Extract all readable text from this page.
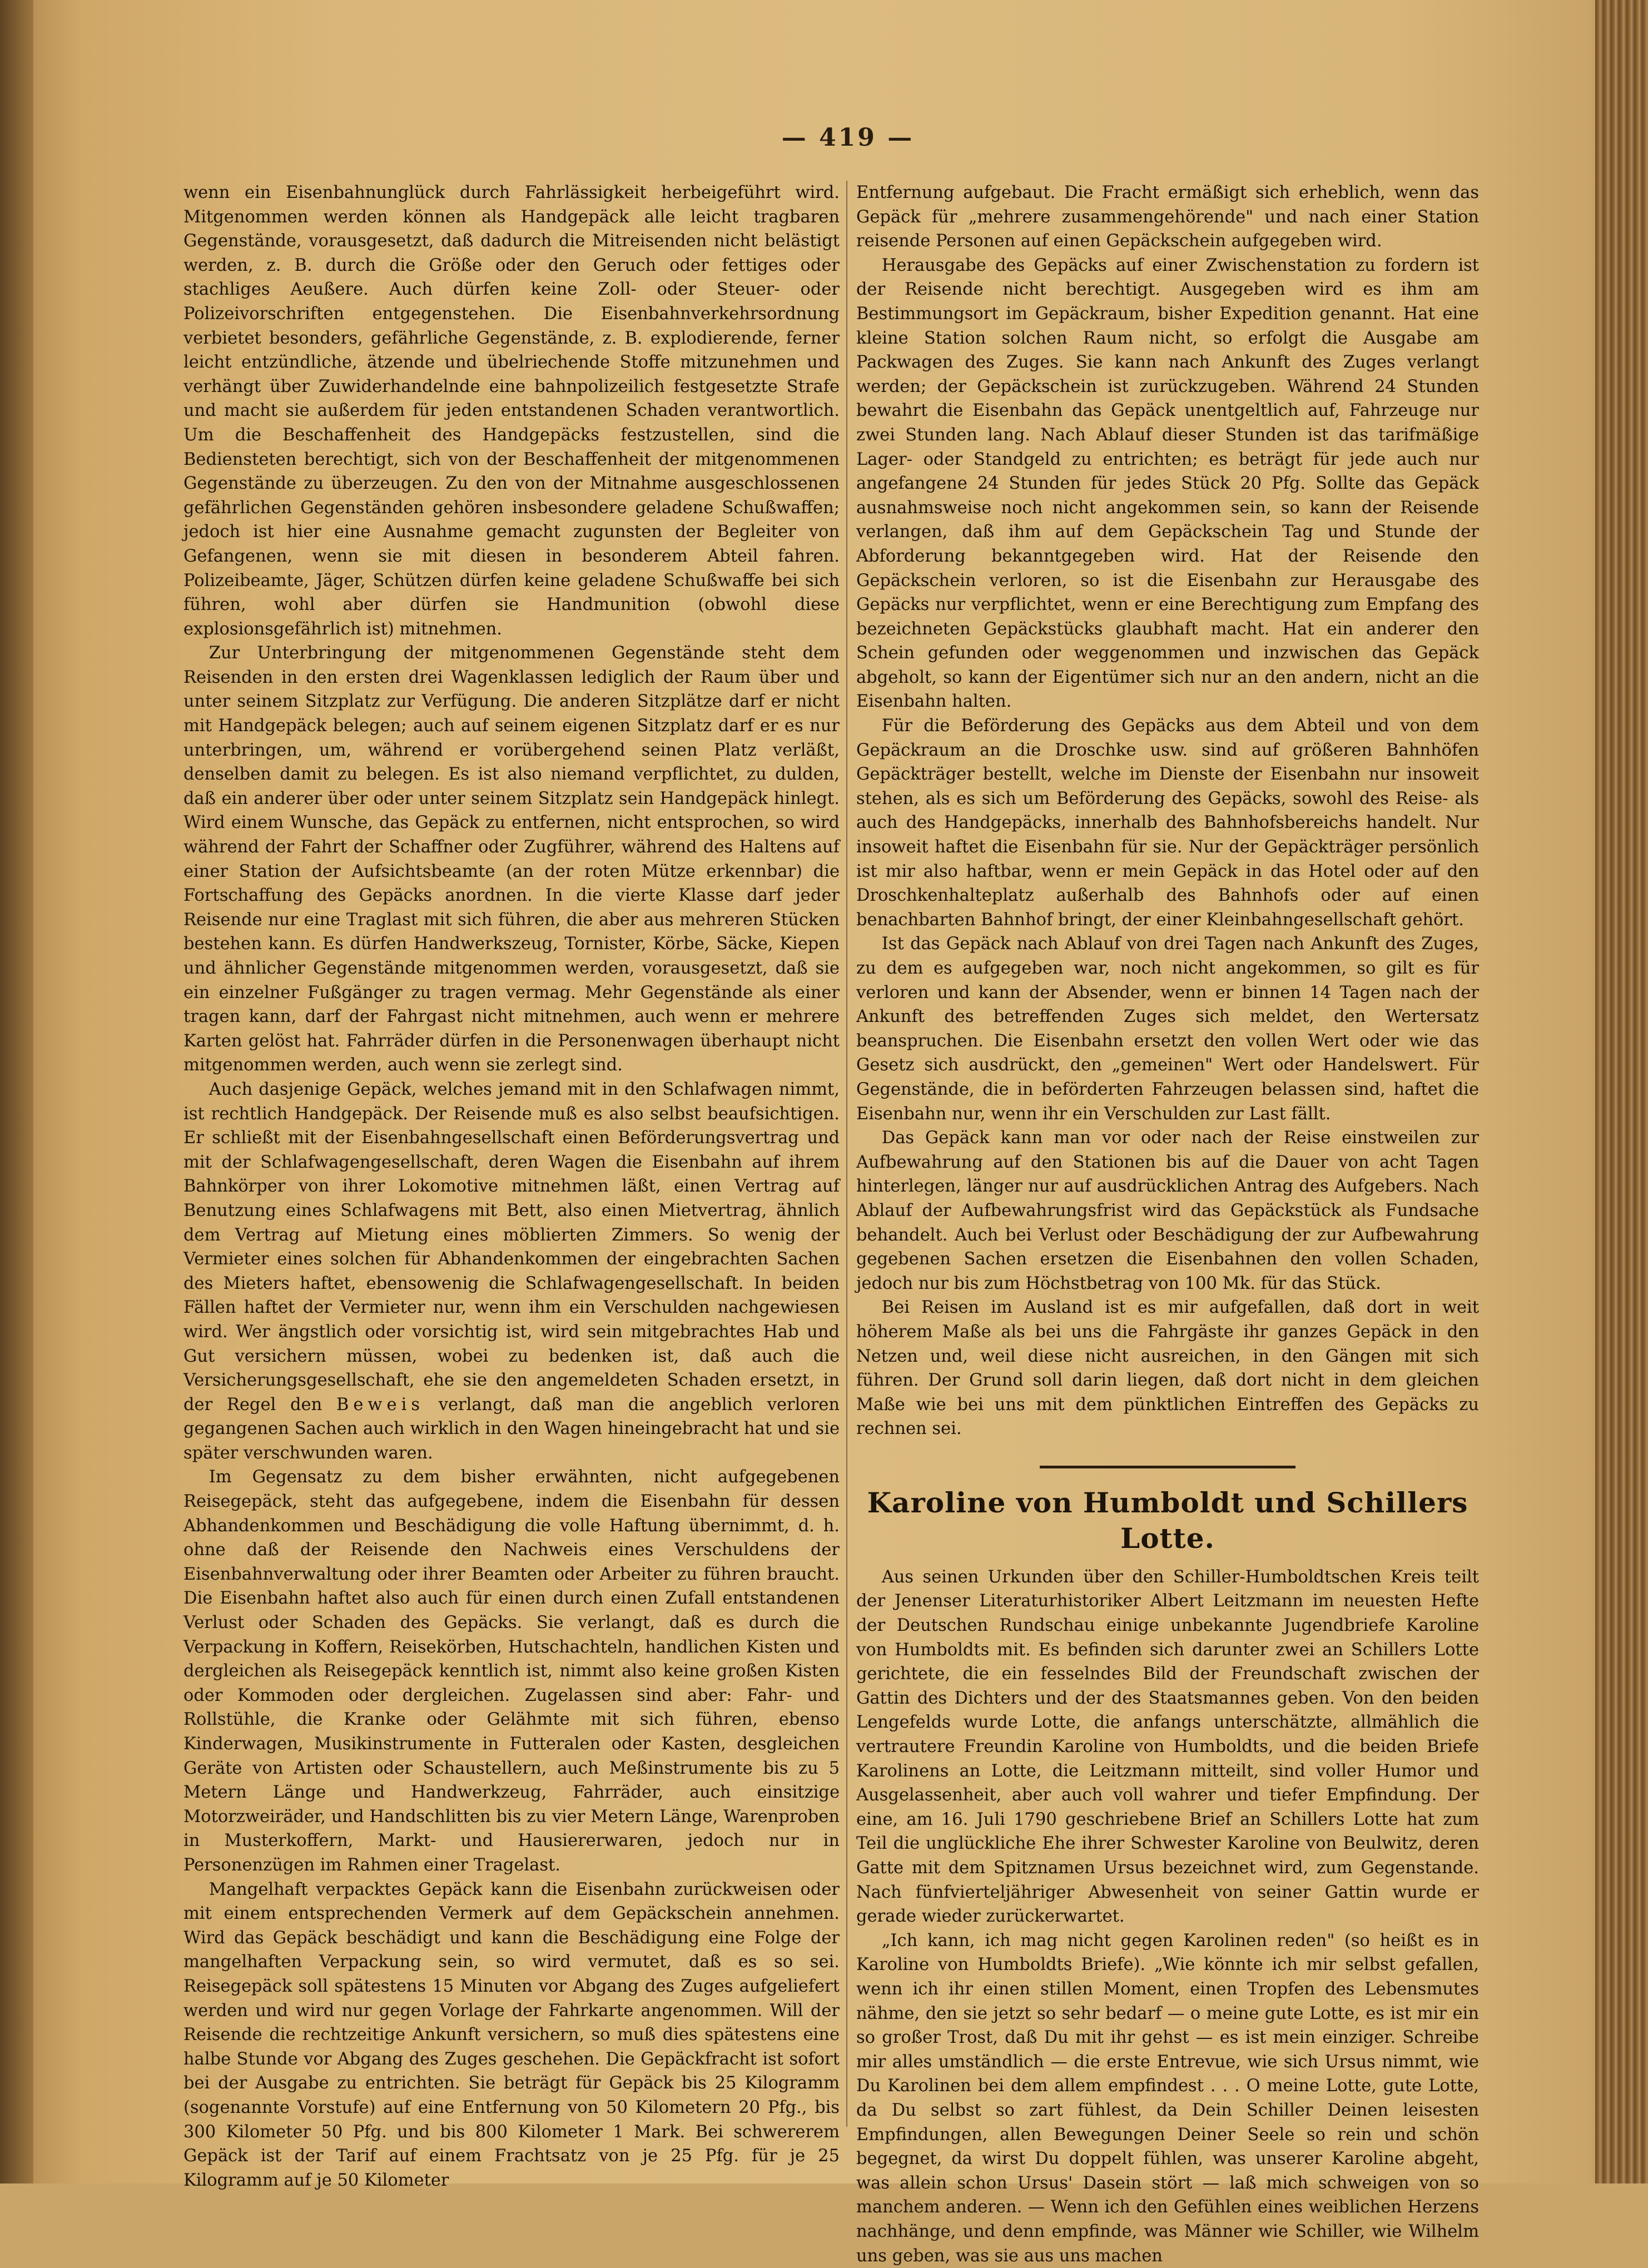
— 419 —

wenn ein Eisenbahnunglück durch Fahrlässigkeit herbeigeführt wird. Mitgenommen werden können als Handgepäck alle leicht tragbaren Gegenstände, vorausgesetzt, daß dadurch die Mitreisenden nicht belästigt werden, z. B. durch die Größe oder den Geruch oder fettiges oder stachliges Aeußere. Auch dürfen keine Zoll- oder Steuer- oder Polizeivorschriften entgegenstehen. Die Eisenbahnverkehrsordnung verbietet besonders, gefährliche Gegenstände, z. B. explodierende, ferner leicht entzündliche, ätzende und übelriechende Stoffe mitzunehmen und verhängt über Zuwiderhandelnde eine bahnpolizeilich festgesetzte Strafe und macht sie außerdem für jeden entstandenen Schaden verantwortlich. Um die Beschaffenheit des Handgepäcks festzustellen, sind die Bediensteten berechtigt, sich von der Beschaffenheit der mitgenommenen Gegenstände zu überzeugen. Zu den von der Mitnahme ausgeschlossenen gefährlichen Gegenständen gehören insbesondere geladene Schußwaffen; jedoch ist hier eine Ausnahme gemacht zugunsten der Begleiter von Gefangenen, wenn sie mit diesen in besonderem Abteil fahren. Polizeibeamte, Jäger, Schützen dürfen keine geladene Schußwaffe bei sich führen, wohl aber dürfen sie Handmunition (obwohl diese explosionsgefährlich ist) mitnehmen.

Zur Unterbringung der mitgenommenen Gegenstände steht dem Reisenden in den ersten drei Wagenklassen lediglich der Raum über und unter seinem Sitzplatz zur Verfügung. Die anderen Sitzplätze darf er nicht mit Handgepäck belegen; auch auf seinem eigenen Sitzplatz darf er es nur unterbringen, um, während er vorübergehend seinen Platz verläßt, denselben damit zu belegen. Es ist also niemand verpflichtet, zu dulden, daß ein anderer über oder unter seinem Sitzplatz sein Handgepäck hinlegt. Wird einem Wunsche, das Gepäck zu entfernen, nicht entsprochen, so wird während der Fahrt der Schaffner oder Zugführer, während des Haltens auf einer Station der Aufsichtsbeamte (an der roten Mütze erkennbar) die Fortschaffung des Gepäcks anordnen. In die vierte Klasse darf jeder Reisende nur eine Traglast mit sich führen, die aber aus mehreren Stücken bestehen kann. Es dürfen Handwerkszeug, Tornister, Körbe, Säcke, Kiepen und ähnlicher Gegenstände mitgenommen werden, vorausgesetzt, daß sie ein einzelner Fußgänger zu tragen vermag. Mehr Gegenstände als einer tragen kann, darf der Fahrgast nicht mitnehmen, auch wenn er mehrere Karten gelöst hat. Fahrräder dürfen in die Personenwagen überhaupt nicht mitgenommen werden, auch wenn sie zerlegt sind.

Auch dasjenige Gepäck, welches jemand mit in den Schlafwagen nimmt, ist rechtlich Handgepäck. Der Reisende muß es also selbst beaufsichtigen. Er schließt mit der Eisenbahngesellschaft einen Beförderungsvertrag und mit der Schlafwagengesellschaft, deren Wagen die Eisenbahn auf ihrem Bahnkörper von ihrer Lokomotive mitnehmen läßt, einen Vertrag auf Benutzung eines Schlafwagens mit Bett, also einen Mietvertrag, ähnlich dem Vertrag auf Mietung eines möblierten Zimmers. So wenig der Vermieter eines solchen für Abhandenkommen der eingebrachten Sachen des Mieters haftet, ebensowenig die Schlafwagengesellschaft. In beiden Fällen haftet der Vermieter nur, wenn ihm ein Verschulden nachgewiesen wird. Wer ängstlich oder vorsichtig ist, wird sein mitgebrachtes Hab und Gut versichern müssen, wobei zu bedenken ist, daß auch die Versicherungsgesellschaft, ehe sie den angemeldeten Schaden ersetzt, in der Regel den Beweis verlangt, daß man die angeblich verloren gegangenen Sachen auch wirklich in den Wagen hineingebracht hat und sie später verschwunden waren.

Im Gegensatz zu dem bisher erwähnten, nicht aufgegebenen Reisegepäck, steht das aufgegebene, indem die Eisenbahn für dessen Abhandenkommen und Beschädigung die volle Haftung übernimmt, d. h. ohne daß der Reisende den Nachweis eines Verschuldens der Eisenbahnverwaltung oder ihrer Beamten oder Arbeiter zu führen braucht. Die Eisenbahn haftet also auch für einen durch einen Zufall entstandenen Verlust oder Schaden des Gepäcks. Sie verlangt, daß es durch die Verpackung in Koffern, Reisekörben, Hutschachteln, handlichen Kisten und dergleichen als Reisegepäck kenntlich ist, nimmt also keine großen Kisten oder Kommoden oder dergleichen. Zugelassen sind aber: Fahr- und Rollstühle, die Kranke oder Gelähmte mit sich führen, ebenso Kinderwagen, Musikinstrumente in Futteralen oder Kasten, desgleichen Geräte von Artisten oder Schaustellern, auch Meßinstrumente bis zu 5 Metern Länge und Handwerkzeug, Fahrräder, auch einsitzige Motorzweiräder, und Handschlitten bis zu vier Metern Länge, Warenproben in Musterkoffern, Markt- und Hausiererwaren, jedoch nur in Personenzügen im Rahmen einer Tragelast.

Mangelhaft verpacktes Gepäck kann die Eisenbahn zurückweisen oder mit einem entsprechenden Vermerk auf dem Gepäckschein annehmen. Wird das Gepäck beschädigt und kann die Beschädigung eine Folge der mangelhaften Verpackung sein, so wird vermutet, daß es so sei. Reisegepäck soll spätestens 15 Minuten vor Abgang des Zuges aufgeliefert werden und wird nur gegen Vorlage der Fahrkarte angenommen. Will der Reisende die rechtzeitige Ankunft versichern, so muß dies spätestens eine halbe Stunde vor Abgang des Zuges geschehen. Die Gepäckfracht ist sofort bei der Ausgabe zu entrichten. Sie beträgt für Gepäck bis 25 Kilogramm (sogenannte Vorstufe) auf eine Entfernung von 50 Kilometern 20 Pfg., bis 300 Kilometer 50 Pfg. und bis 800 Kilometer 1 Mark. Bei schwererem Gepäck ist der Tarif auf einem Frachtsatz von je 25 Pfg. für je 25 Kilogramm auf je 50 Kilometer

Entfernung aufgebaut. Die Fracht ermäßigt sich erheblich, wenn das Gepäck für „mehrere zusammengehörende" und nach einer Station reisende Personen auf einen Gepäckschein aufgegeben wird.

Herausgabe des Gepäcks auf einer Zwischenstation zu fordern ist der Reisende nicht berechtigt. Ausgegeben wird es ihm am Bestimmungsort im Gepäckraum, bisher Expedition genannt. Hat eine kleine Station solchen Raum nicht, so erfolgt die Ausgabe am Packwagen des Zuges. Sie kann nach Ankunft des Zuges verlangt werden; der Gepäckschein ist zurückzugeben. Während 24 Stunden bewahrt die Eisenbahn das Gepäck unentgeltlich auf, Fahrzeuge nur zwei Stunden lang. Nach Ablauf dieser Stunden ist das tarifmäßige Lager- oder Standgeld zu entrichten; es beträgt für jede auch nur angefangene 24 Stunden für jedes Stück 20 Pfg. Sollte das Gepäck ausnahmsweise noch nicht angekommen sein, so kann der Reisende verlangen, daß ihm auf dem Gepäckschein Tag und Stunde der Abforderung bekanntgegeben wird. Hat der Reisende den Gepäckschein verloren, so ist die Eisenbahn zur Herausgabe des Gepäcks nur verpflichtet, wenn er eine Berechtigung zum Empfang des bezeichneten Gepäckstücks glaubhaft macht. Hat ein anderer den Schein gefunden oder weggenommen und inzwischen das Gepäck abgeholt, so kann der Eigentümer sich nur an den andern, nicht an die Eisenbahn halten.

Für die Beförderung des Gepäcks aus dem Abteil und von dem Gepäckraum an die Droschke usw. sind auf größeren Bahnhöfen Gepäckträger bestellt, welche im Dienste der Eisenbahn nur insoweit stehen, als es sich um Beförderung des Gepäcks, sowohl des Reise- als auch des Handgepäcks, innerhalb des Bahnhofsbereichs handelt. Nur insoweit haftet die Eisenbahn für sie. Nur der Gepäckträger persönlich ist mir also haftbar, wenn er mein Gepäck in das Hotel oder auf den Droschkenhalteplatz außerhalb des Bahnhofs oder auf einen benachbarten Bahnhof bringt, der einer Kleinbahngesellschaft gehört.

Ist das Gepäck nach Ablauf von drei Tagen nach Ankunft des Zuges, zu dem es aufgegeben war, noch nicht angekommen, so gilt es für verloren und kann der Absender, wenn er binnen 14 Tagen nach der Ankunft des betreffenden Zuges sich meldet, den Wertersatz beanspruchen. Die Eisenbahn ersetzt den vollen Wert oder wie das Gesetz sich ausdrückt, den „gemeinen" Wert oder Handelswert. Für Gegenstände, die in beförderten Fahrzeugen belassen sind, haftet die Eisenbahn nur, wenn ihr ein Verschulden zur Last fällt.

Das Gepäck kann man vor oder nach der Reise einstweilen zur Aufbewahrung auf den Stationen bis auf die Dauer von acht Tagen hinterlegen, länger nur auf ausdrücklichen Antrag des Aufgebers. Nach Ablauf der Aufbewahrungsfrist wird das Gepäckstück als Fundsache behandelt. Auch bei Verlust oder Beschädigung der zur Aufbewahrung gegebenen Sachen ersetzen die Eisenbahnen den vollen Schaden, jedoch nur bis zum Höchstbetrag von 100 Mk. für das Stück.

Bei Reisen im Ausland ist es mir aufgefallen, daß dort in weit höherem Maße als bei uns die Fahrgäste ihr ganzes Gepäck in den Netzen und, weil diese nicht ausreichen, in den Gängen mit sich führen. Der Grund soll darin liegen, daß dort nicht in dem gleichen Maße wie bei uns mit dem pünktlichen Eintreffen des Gepäcks zu rechnen sei.

Karoline von Humboldt und Schillers Lotte.

Aus seinen Urkunden über den Schiller-Humboldtschen Kreis teilt der Jenenser Literaturhistoriker Albert Leitzmann im neuesten Hefte der Deutschen Rundschau einige unbekannte Jugendbriefe Karoline von Humboldts mit. Es befinden sich darunter zwei an Schillers Lotte gerichtete, die ein fesselndes Bild der Freundschaft zwischen der Gattin des Dichters und der des Staatsmannes geben. Von den beiden Lengefelds wurde Lotte, die anfangs unterschätzte, allmählich die vertrautere Freundin Karoline von Humboldts, und die beiden Briefe Karolinens an Lotte, die Leitzmann mitteilt, sind voller Humor und Ausgelassenheit, aber auch voll wahrer und tiefer Empfindung. Der eine, am 16. Juli 1790 geschriebene Brief an Schillers Lotte hat zum Teil die unglückliche Ehe ihrer Schwester Karoline von Beulwitz, deren Gatte mit dem Spitznamen Ursus bezeichnet wird, zum Gegenstande. Nach fünfvierteljähriger Abwesenheit von seiner Gattin wurde er gerade wieder zurückerwartet.

„Ich kann, ich mag nicht gegen Karolinen reden" (so heißt es in Karoline von Humboldts Briefe). „Wie könnte ich mir selbst gefallen, wenn ich ihr einen stillen Moment, einen Tropfen des Lebensmutes nähme, den sie jetzt so sehr bedarf — o meine gute Lotte, es ist mir ein so großer Trost, daß Du mit ihr gehst — es ist mein einziger. Schreibe mir alles umständlich — die erste Entrevue, wie sich Ursus nimmt, wie Du Karolinen bei dem allem empfindest . . . O meine Lotte, gute Lotte, da Du selbst so zart fühlest, da Dein Schiller Deinen leisesten Empfindungen, allen Bewegungen Deiner Seele so rein und schön begegnet, da wirst Du doppelt fühlen, was unserer Karoline abgeht, was allein schon Ursus' Dasein stört — laß mich schweigen von so manchem anderen. — Wenn ich den Gefühlen eines weiblichen Herzens nachhänge, und denn empfinde, was Männer wie Schiller, wie Wilhelm uns geben, was sie aus uns machen
